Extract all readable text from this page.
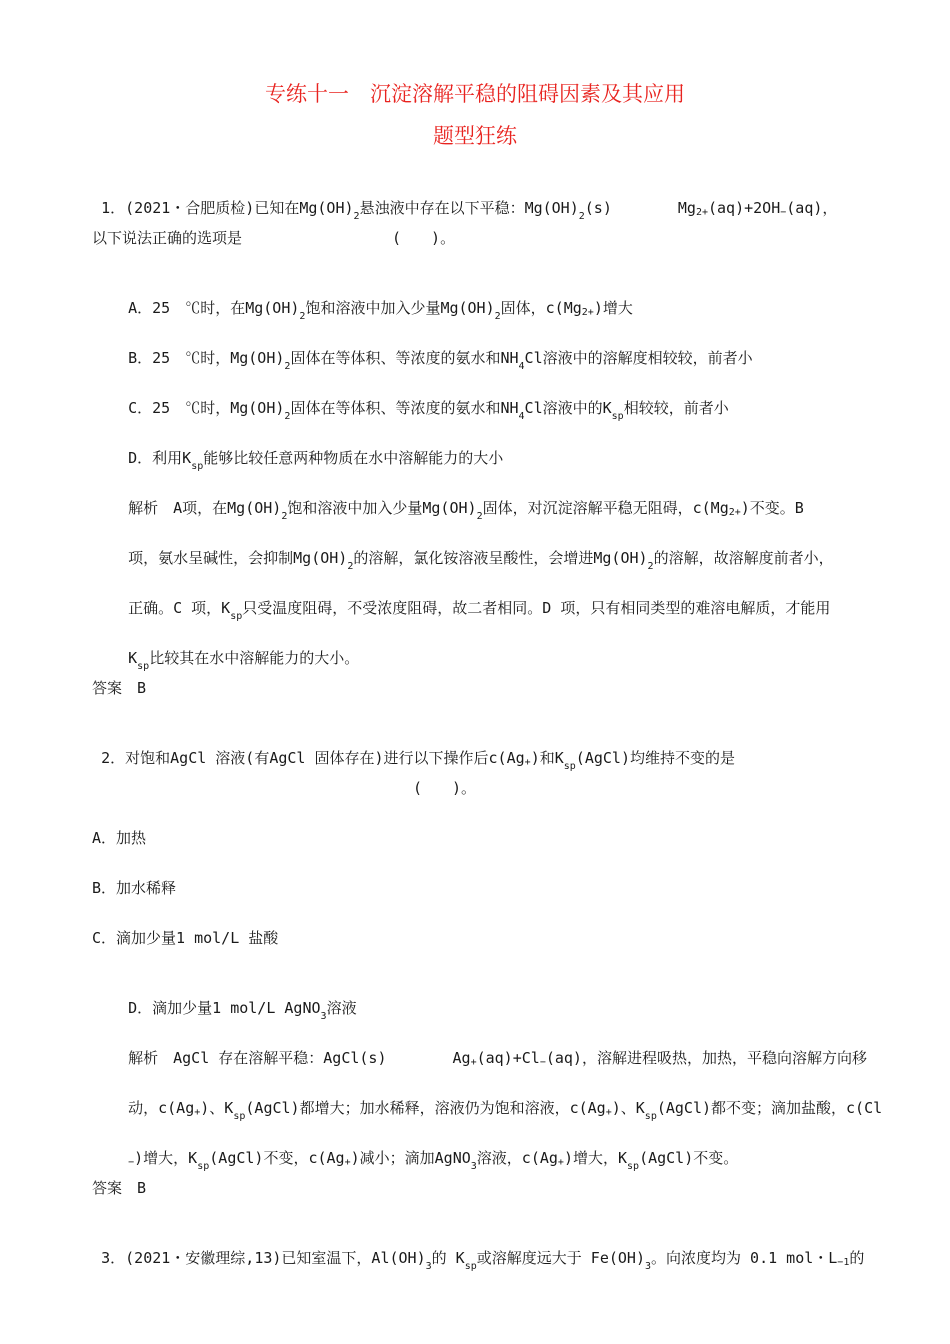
专练十一　沉淀溶解平稳的阻碍因素及其应用
题型狂练

1．(2021・合肥质检)已知在$Mg(OH)_2$悬浊液中存在以下平稳：$Mg(OH)_2(s)$	Mg2+(aq)+2OH−(aq)，

以下说法正确的选项是　　　　　　　　　　(　　)。

A．25　℃时，在$Mg(OH)_2$饱和溶液中加入少量$Mg(OH)_2$固体，c(Mg2+)增大

B．25　℃时，$Mg(OH)_2$固体在等体积、等浓度的氨水和$NH_4Cl$溶液中的溶解度相较较，前者小

C．25　℃时，$Mg(OH)_2$固体在等体积、等浓度的氨水和$NH_4Cl$溶液中的$K_{sp}$相较较，前者小

D．利用$K_{sp}$能够比较任意两种物质在水中溶解能力的大小

解析　A项，在$Mg(OH)_2$饱和溶液中加入少量$Mg(OH)_2$固体，对沉淀溶解平稳无阻碍，c(Mg2+)不变。B

项，氨水呈碱性，会抑制$Mg(OH)_2$的溶解，氯化铵溶液呈酸性，会增进$Mg(OH)_2$的溶解，故溶解度前者小，

正确。C 项，$K_{sp}$只受温度阻碍，不受浓度阻碍，故二者相同。D 项，只有相同类型的难溶电解质，才能用

$K_{sp}$比较其在水中溶解能力的大小。

答案　B

2．对饱和AgCl 溶液(有AgCl 固体存在)进行以下操作后c(Ag+)和$K_{sp}(AgCl)$均维持不变的是

(　　)。
A．加热
B．加水稀释
C．滴加少量1 mol/L 盐酸

D．滴加少量1 mol/L AgNO$_3$溶液

解析　AgCl 存在溶解平稳：AgCl(s)	Ag+(aq)+Cl−(aq)，溶解进程吸热，加热，平稳向溶解方向移

动，c(Ag+)、$K_{sp}(AgCl)$都增大；加水稀释，溶液仍为饱和溶液，c(Ag+)、$K_{sp}(AgCl)$都不变；滴加盐酸，c(Cl

−)增大，$K_{sp}(AgCl)$不变，c(Ag+)减小；滴加AgNO$_3$溶液，c(Ag+)增大，$K_{sp}(AgCl)$不变。

答案　B

3．(2021・安徽理综,13)已知室温下，$Al(OH)_3$的 $K_{sp}$或溶解度远大于 $Fe(OH)_3$。向浓度均为 0.1 mol・L−1的
